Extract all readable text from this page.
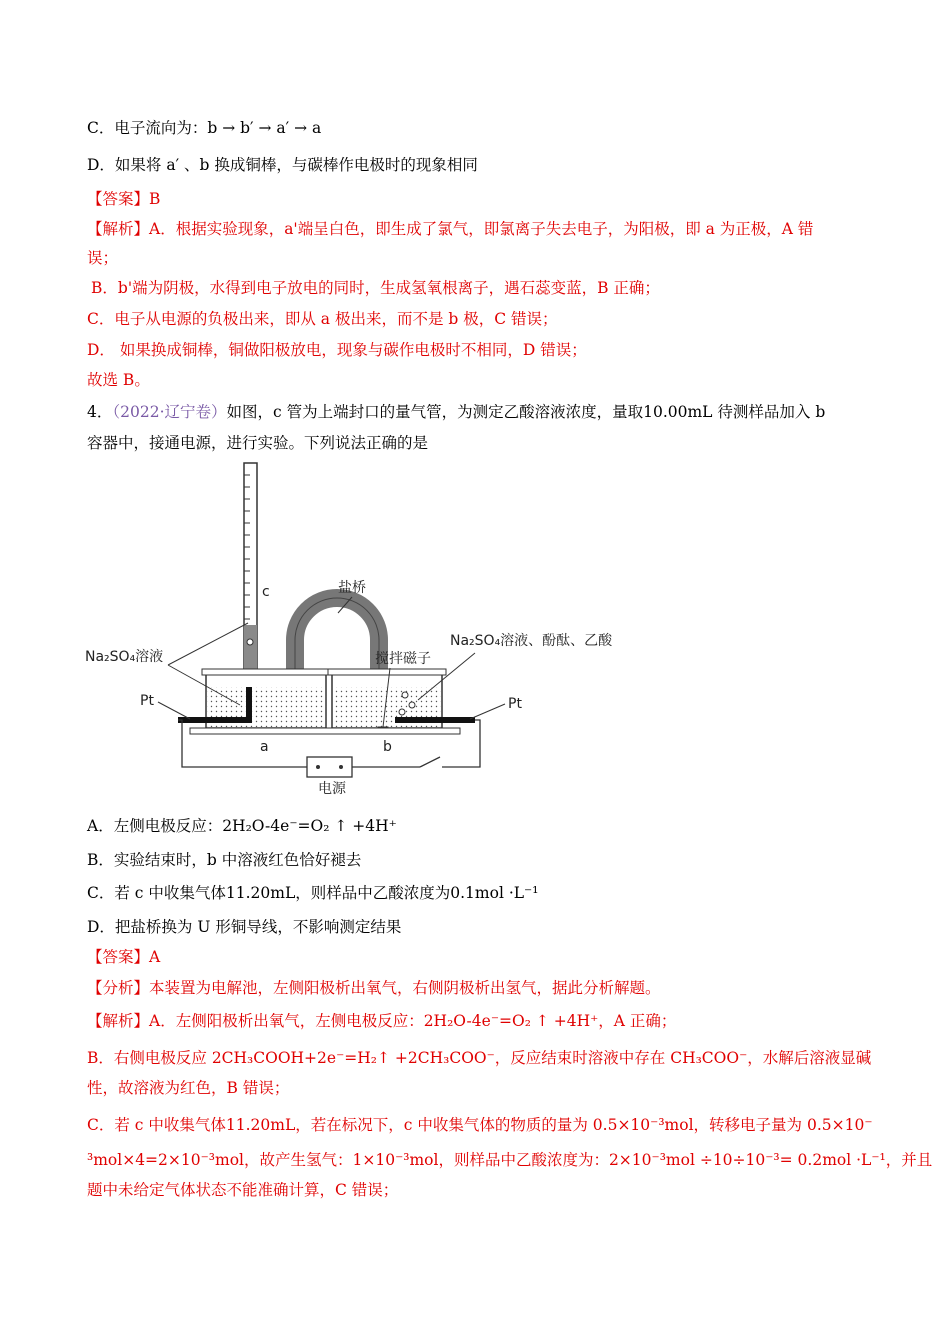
C．电子流向为：b → b′ → a′ → a
D．如果将 a′ 、b 换成铜棒，与碳棒作电极时的现象相同
【答案】B
【解析】A．根据实验现象，a'端呈白色，即生成了氯气，即氯离子失去电子，为阳极，即 a 为正极，A 错
误；
B．b'端为阴极，水得到电子放电的同时，生成氢氧根离子，遇石蕊变蓝，B 正确；
C．电子从电源的负极出来，即从 a 极出来，而不是 b 极，C 错误；
D． 如果换成铜棒，铜做阳极放电，现象与碳作电极时不相同，D 错误；
故选 B。
4．（2022·辽宁卷）如图，c 管为上端封口的量气管，为测定乙酸溶液浓度，量取10.00mL 待测样品加入 b
容器中，接通电源，进行实验。下列说法正确的是
c	盐桥
电源
Na₂SO₄溶液
Na₂SO₄溶液、酚酞、乙酸
搅拌磁子
Pt	Pt
a	b
A．左侧电极反应：2H₂O-4e⁻=O₂ ↑ +4H⁺
B．实验结束时，b 中溶液红色恰好褪去
C．若 c 中收集气体11.20mL，则样品中乙酸浓度为0.1mol ·L⁻¹
D．把盐桥换为 U 形铜导线，不影响测定结果
【答案】A
【分析】本装置为电解池，左侧阳极析出氧气，右侧阴极析出氢气，据此分析解题。
【解析】A．左侧阳极析出氧气，左侧电极反应：2H₂O-4e⁻=O₂ ↑ +4H⁺，A 正确；
B．右侧电极反应 2CH₃COOH+2e⁻=H₂↑ +2CH₃COO⁻，反应结束时溶液中存在 CH₃COO⁻，水解后溶液显碱
性，故溶液为红色，B 错误；
C．若 c 中收集气体11.20mL，若在标况下，c 中收集气体的物质的量为 0.5×10⁻³mol，转移电子量为 0.5×10⁻
³mol×4=2×10⁻³mol，故产生氢气：1×10⁻³mol，则样品中乙酸浓度为：2×10⁻³mol ÷10÷10⁻³= 0.2mol ·L⁻¹，并且
题中未给定气体状态不能准确计算，C 错误；
